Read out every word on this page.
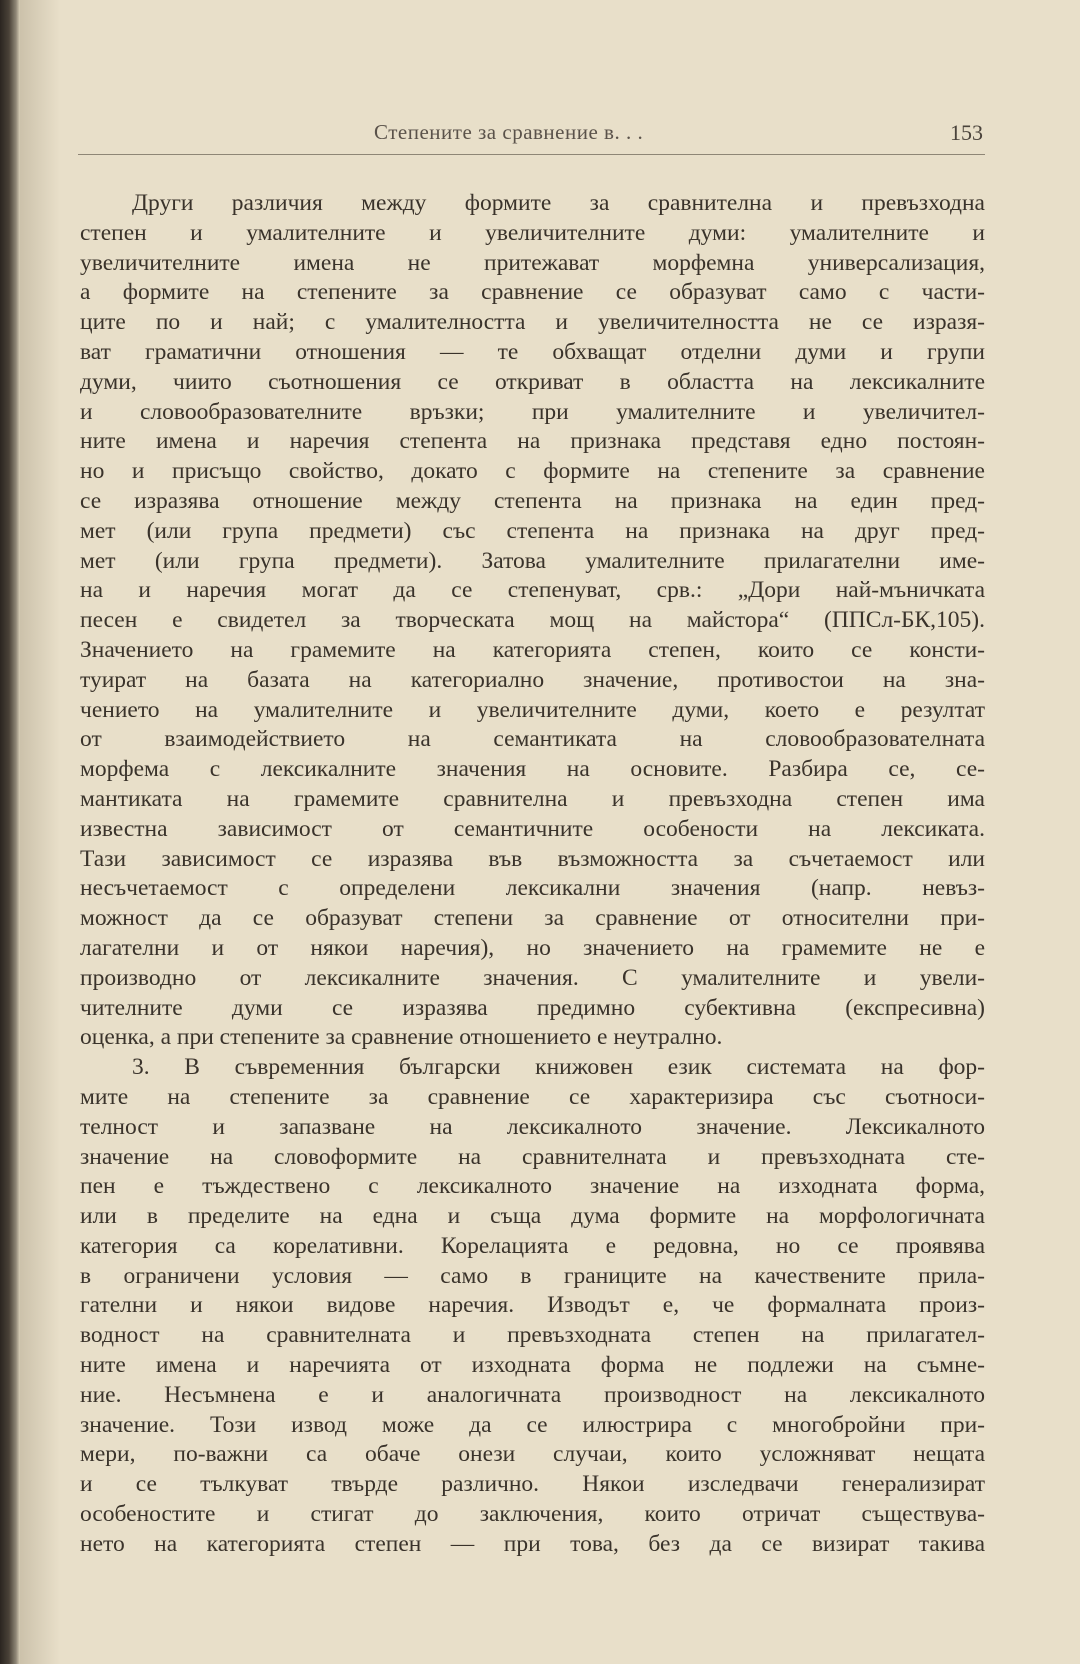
Степените за сравнение в. . .	153
Други различия между формите за сравнителна и превъзходна
степен и умалителните и увеличителните думи: умалителните и
увеличителните имена не притежават морфемна универсализация,
а формите на степените за сравнение се образуват само с части-
ците по и най; с умалителността и увеличителността не се изразя-
ват граматични отношения — те обхващат отделни думи и групи
думи, чиито съотношения се откриват в областта на лексикалните
и словообразователните връзки; при умалителните и увеличител-
ните имена и наречия степента на признака представя едно постоян-
но и присъщо свойство, докато с формите на степените за сравнение
се изразява отношение между степента на признака на един пред-
мет (или група предмети) със степента на признака на друг пред-
мет (или група предмети). Затова умалителните прилагателни име-
на и наречия могат да се степенуват, срв.: „Дори най-мъничката
песен е свидетел за творческата мощ на майстора“ (ППСл-БК,105).
Значението на грамемите на категорията степен, които се консти-
туират на базата на категориално значение, противостои на зна-
чението на умалителните и увеличителните думи, което е резултат
от взаимодействието на семантиката на словообразователната
морфема с лексикалните значения на основите. Разбира се, се-
мантиката на грамемите сравнителна и превъзходна степен има
известна зависимост от семантичните особености на лексиката.
Тази зависимост се изразява във възможността за съчетаемост или
несъчетаемост с определени лексикални значения (напр. невъз-
можност да се образуват степени за сравнение от относителни при-
лагателни и от някои наречия), но значението на грамемите не е
производно от лексикалните значения. С умалителните и увели-
чителните думи се изразява предимно субективна (експресивна)
оценка, а при степените за сравнение отношението е неутрално.
3. В съвременния български книжовен език системата на фор-
мите на степените за сравнение се характеризира със съотноси-
телност и запазване на лексикалното значение. Лексикалното
значение на словоформите на сравнителната и превъзходната сте-
пен е тъждествено с лексикалното значение на изходната форма,
или в пределите на една и съща дума формите на морфологичната
категория са корелативни. Корелацията е редовна, но се проявява
в ограничени условия — само в границите на качествените прила-
гателни и някои видове наречия. Изводът е, че формалната произ-
водност на сравнителната и превъзходната степен на прилагател-
ните имена и наречията от изходната форма не подлежи на съмне-
ние. Несъмнена е и аналогичната производност на лексикалното
значение. Този извод може да се илюстрира с многобройни при-
мери, по-важни са обаче онези случаи, които усложняват нещата
и се тълкуват твърде различно. Някои изследвачи генерализират
особеностите и стигат до заключения, които отричат съществува-
нето на категорията степен — при това, без да се визират такива
